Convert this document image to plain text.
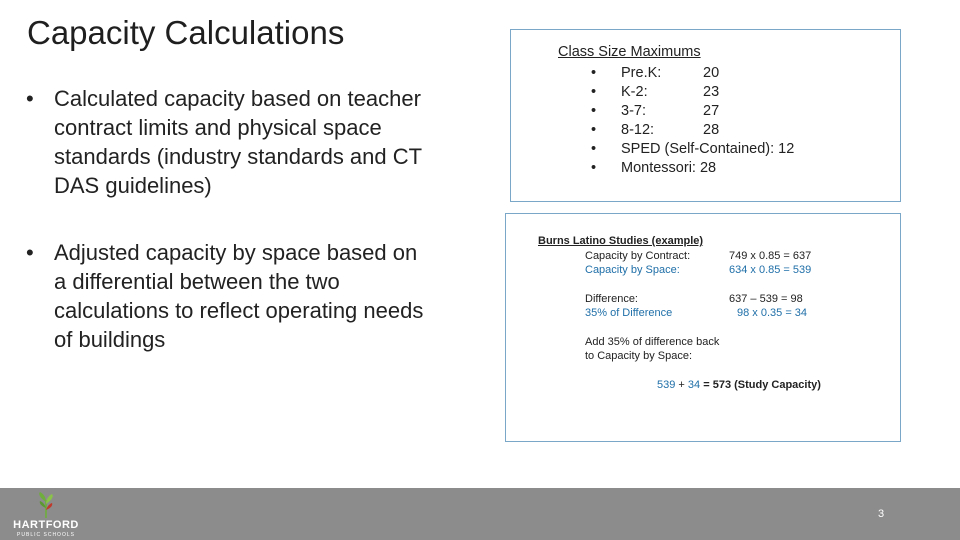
Capacity Calculations
• Calculated capacity based on teacher contract limits and physical space standards (industry standards and CT DAS guidelines)
• Adjusted capacity by space based on a differential between the two calculations to reflect operating needs of buildings
Class Size Maximums
• Pre.K:	20
• K-2:	23
• 3-7:	27
• 8-12:	28
• SPED (Self-Contained): 12
• Montessori: 28
Burns Latino Studies (example)
Capacity by Contract:	749 x 0.85 = 637
Capacity by Space:	634 x 0.85 = 539
Difference:	637 – 539 = 98
35% of Difference	98 x 0.35 = 34
Add 35% of difference back
to Capacity by Space:
539 + 34 = 573 (Study Capacity)
HARTFORD
PUBLIC SCHOOLS
3
